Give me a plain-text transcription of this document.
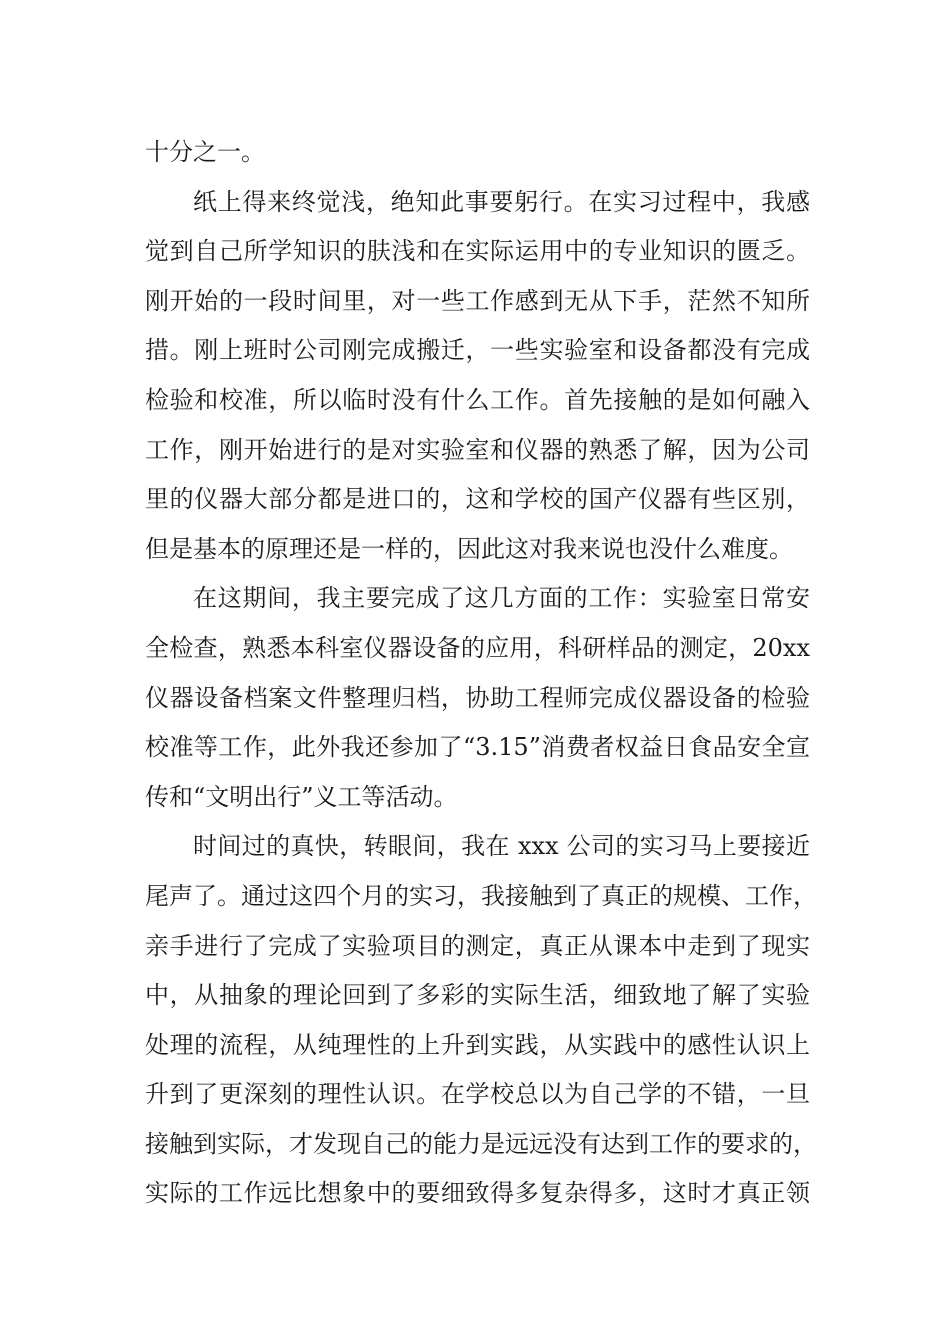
十分之一。
纸上得来终觉浅，绝知此事要躬行。在实习过程中，我感
觉到自己所学知识的肤浅和在实际运用中的专业知识的匮乏。
刚开始的一段时间里，对一些工作感到无从下手，茫然不知所
措。刚上班时公司刚完成搬迁，一些实验室和设备都没有完成
检验和校准，所以临时没有什么工作。首先接触的是如何融入
工作，刚开始进行的是对实验室和仪器的熟悉了解，因为公司
里的仪器大部分都是进口的，这和学校的国产仪器有些区别，
但是基本的原理还是一样的，因此这对我来说也没什么难度。
在这期间，我主要完成了这几方面的工作：实验室日常安
全检查，熟悉本科室仪器设备的应用，科研样品的测定，20xx
仪器设备档案文件整理归档，协助工程师完成仪器设备的检验
校准等工作，此外我还参加了“3.15”消费者权益日食品安全宣
传和“文明出行”义工等活动。
时间过的真快，转眼间，我在 xxx 公司的实习马上要接近
尾声了。通过这四个月的实习，我接触到了真正的规模、工作，
亲手进行了完成了实验项目的测定，真正从课本中走到了现实
中，从抽象的理论回到了多彩的实际生活，细致地了解了实验
处理的流程，从纯理性的上升到实践，从实践中的感性认识上
升到了更深刻的理性认识。在学校总以为自己学的不错，一旦
接触到实际，才发现自己的能力是远远没有达到工作的要求的，
实际的工作远比想象中的要细致得多复杂得多，这时才真正领
